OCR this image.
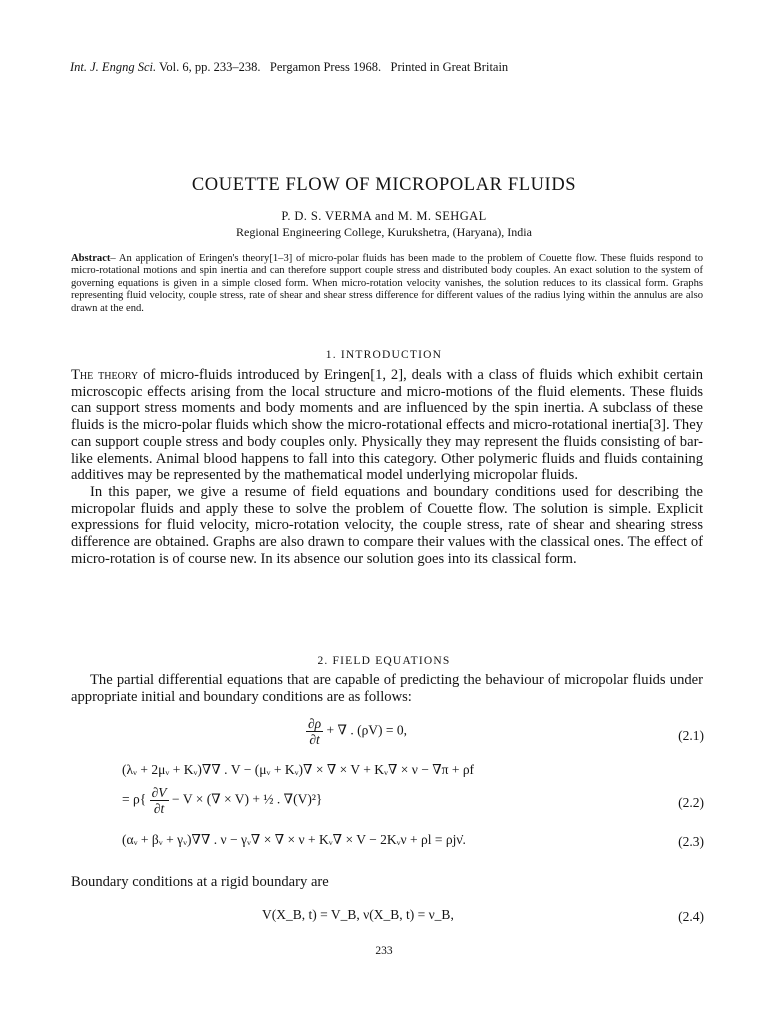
Int. J. Engng Sci. Vol. 6, pp. 233–238. Pergamon Press 1968. Printed in Great Britain
COUETTE FLOW OF MICROPOLAR FLUIDS
P. D. S. VERMA and M. M. SEHGAL
Regional Engineering College, Kurukshetra, (Haryana), India
Abstract– An application of Eringen's theory[1–3] of micro-polar fluids has been made to the problem of Couette flow. These fluids respond to micro-rotational motions and spin inertia and can therefore support couple stress and distributed body couples. An exact solution to the system of governing equations is given in a simple closed form. When micro-rotation velocity vanishes, the solution reduces to its classical form. Graphs representing fluid velocity, couple stress, rate of shear and shear stress difference for different values of the radius lying within the annulus are also drawn at the end.
1. INTRODUCTION

The theory of micro-fluids introduced by Eringen[1, 2], deals with a class of fluids which exhibit certain microscopic effects arising from the local structure and micro-motions of the fluid elements. These fluids can support stress moments and body moments and are influenced by the spin inertia. A subclass of these fluids is the micro-polar fluids which show the micro-rotational effects and micro-rotational inertia[3]. They can support couple stress and body couples only. Physically they may represent the fluids consisting of bar-like elements. Animal blood happens to fall into this category. Other polymeric fluids and fluids containing additives may be represented by the mathematical model underlying micropolar fluids.

In this paper, we give a resume of field equations and boundary conditions used for describing the micropolar fluids and apply these to solve the problem of Couette flow. The solution is simple. Explicit expressions for fluid velocity, micro-rotation velocity, the couple stress, rate of shear and shearing stress difference are obtained. Graphs are also drawn to compare their values with the classical ones. The effect of micro-rotation is of course new. In its absence our solution goes into its classical form.

2. FIELD EQUATIONS

The partial differential equations that are capable of predicting the behaviour of micropolar fluids under appropriate initial and boundary conditions are as follows:

$\frac{\partial\rho}{\partial t}$ + ∇ . (ρV) = 0,	(2.1)
(λᵥ + 2μᵥ + Kᵥ)∇∇ . V − (μᵥ + Kᵥ)∇ × ∇ × V + Kᵥ∇ × ν − ∇π + ρf
= $\rho\{ \frac{\partial V}{\partial t} - V$ × (∇ × V) + ½ . ∇(V)²}	(2.2)
(αᵥ + βᵥ + γᵥ)∇∇ . ν − γᵥ∇ × ∇ × ν + Kᵥ∇ × V − 2Kᵥν + ρl = ρjν̇.	(2.3)
Boundary conditions at a rigid boundary are
V(X_B, t) = V_B, ν(X_B, t) = ν_B,	(2.4)
233
